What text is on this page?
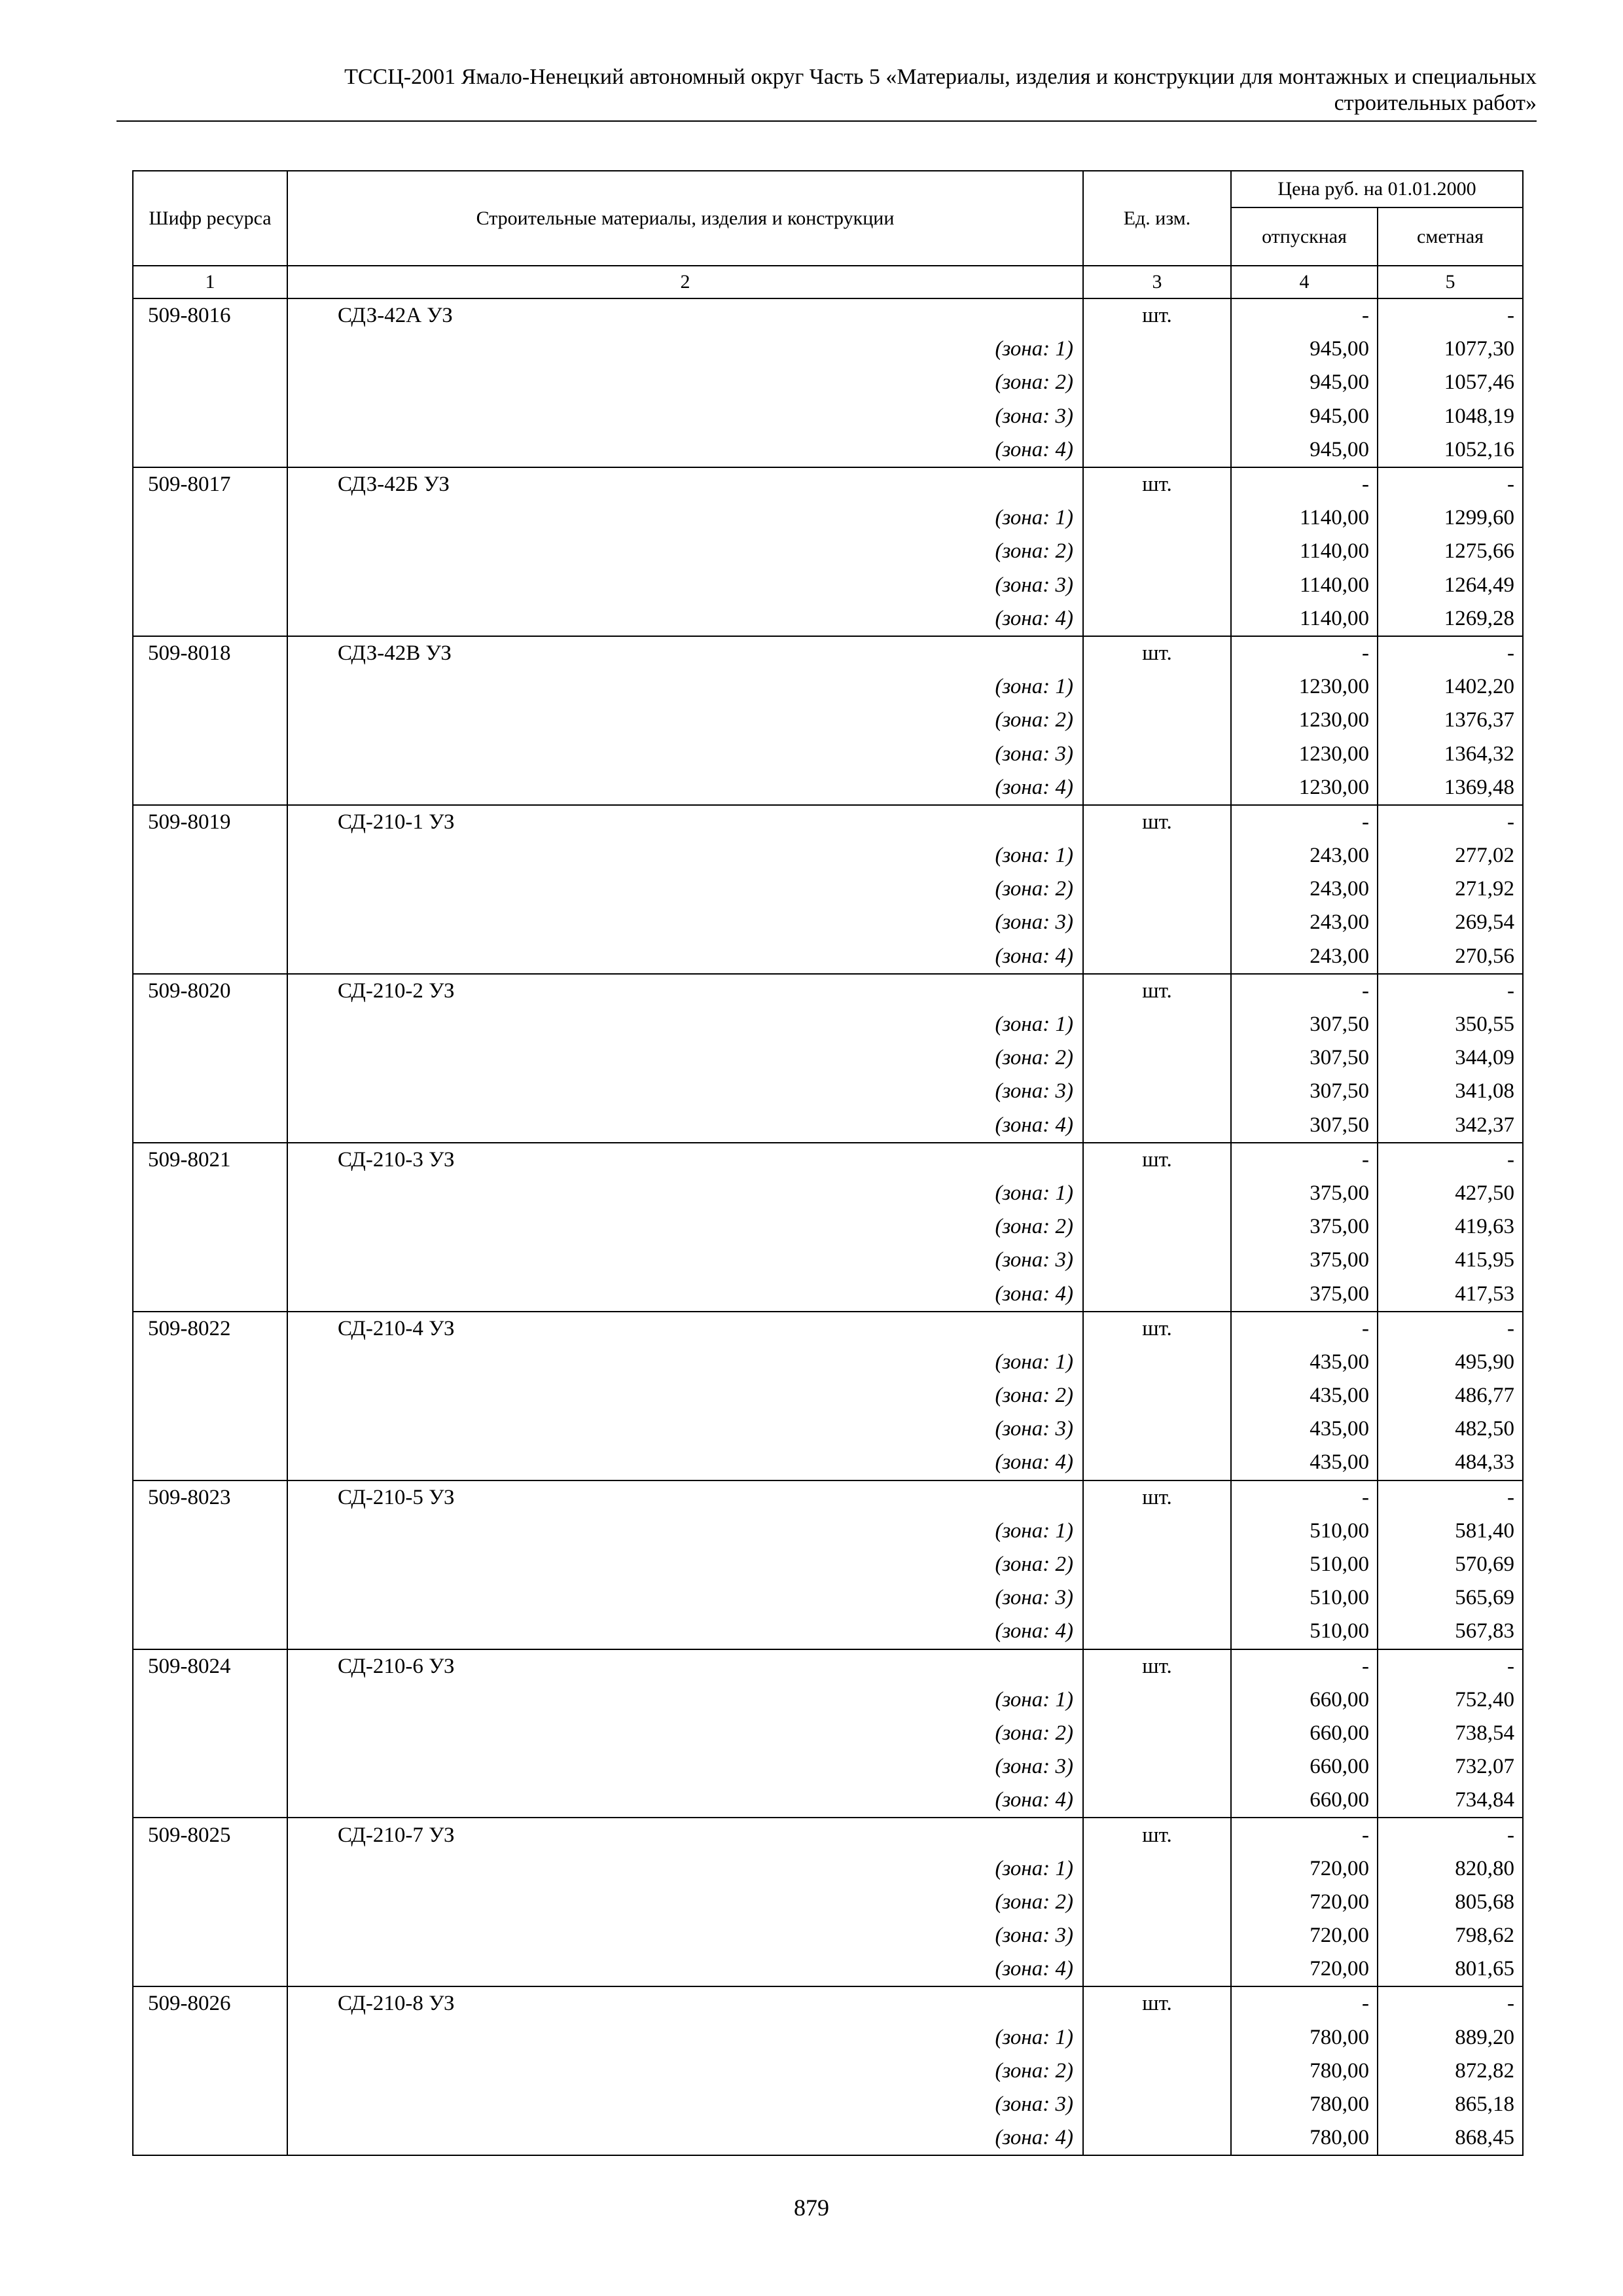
ТССЦ-2001 Ямало-Ненецкий автономный округ Часть 5 «Материалы, изделия и конструкции для монтажных и специальных
строительных работ»
Шифр ресурса	Строительные материалы, изделия и конструкции	Ед. изм.	Цена руб. на 01.01.2000	
			отпускная	сметная
1	2	3	4	5
509-8016	СДЗ-42А УЗ	шт.	-	-
	(зона: 1)		945,00	1077,30
	(зона: 2)		945,00	1057,46
	(зона: 3)		945,00	1048,19
	(зона: 4)		945,00	1052,16
509-8017	СДЗ-42Б УЗ	шт.	-	-
	(зона: 1)		1140,00	1299,60
	(зона: 2)		1140,00	1275,66
	(зона: 3)		1140,00	1264,49
	(зона: 4)		1140,00	1269,28
509-8018	СДЗ-42В УЗ	шт.	-	-
	(зона: 1)		1230,00	1402,20
	(зона: 2)		1230,00	1376,37
	(зона: 3)		1230,00	1364,32
	(зона: 4)		1230,00	1369,48
509-8019	СД-210-1 УЗ	шт.	-	-
	(зона: 1)		243,00	277,02
	(зона: 2)		243,00	271,92
	(зона: 3)		243,00	269,54
	(зона: 4)		243,00	270,56
509-8020	СД-210-2 УЗ	шт.	-	-
	(зона: 1)		307,50	350,55
	(зона: 2)		307,50	344,09
	(зона: 3)		307,50	341,08
	(зона: 4)		307,50	342,37
509-8021	СД-210-3 УЗ	шт.	-	-
	(зона: 1)		375,00	427,50
	(зона: 2)		375,00	419,63
	(зона: 3)		375,00	415,95
	(зона: 4)		375,00	417,53
509-8022	СД-210-4 УЗ	шт.	-	-
	(зона: 1)		435,00	495,90
	(зона: 2)		435,00	486,77
	(зона: 3)		435,00	482,50
	(зона: 4)		435,00	484,33
509-8023	СД-210-5 УЗ	шт.	-	-
	(зона: 1)		510,00	581,40
	(зона: 2)		510,00	570,69
	(зона: 3)		510,00	565,69
	(зона: 4)		510,00	567,83
509-8024	СД-210-6 УЗ	шт.	-	-
	(зона: 1)		660,00	752,40
	(зона: 2)		660,00	738,54
	(зона: 3)		660,00	732,07
	(зона: 4)		660,00	734,84
509-8025	СД-210-7 УЗ	шт.	-	-
	(зона: 1)		720,00	820,80
	(зона: 2)		720,00	805,68
	(зона: 3)		720,00	798,62
	(зона: 4)		720,00	801,65
509-8026	СД-210-8 УЗ	шт.	-	-
	(зона: 1)		780,00	889,20
	(зона: 2)		780,00	872,82
	(зона: 3)		780,00	865,18
	(зона: 4)		780,00	868,45
879
